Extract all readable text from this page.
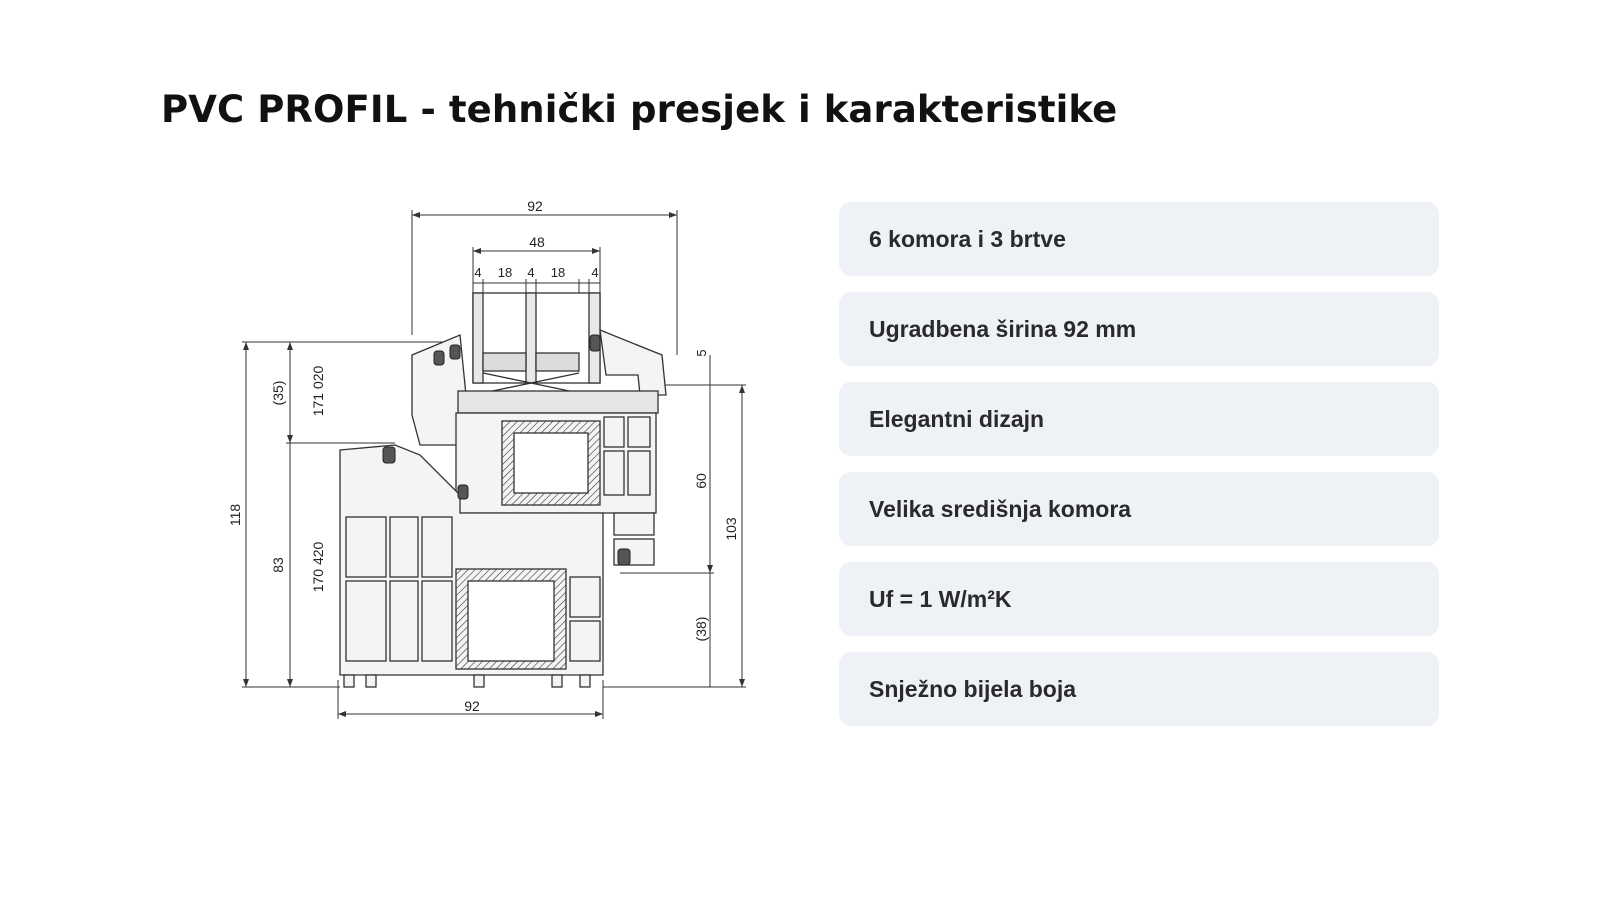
PVC PROFIL - tehnički presjek i karakteristike
92
48
4 18 4 18 4
92
118
(35)
83
171 020
170 420
5
60
103
(38)
6 komora i 3 brtve
Ugradbena širina 92 mm
Elegantni dizajn
Velika središnja komora
Uf = 1 W/m²K
Snježno bijela boja
